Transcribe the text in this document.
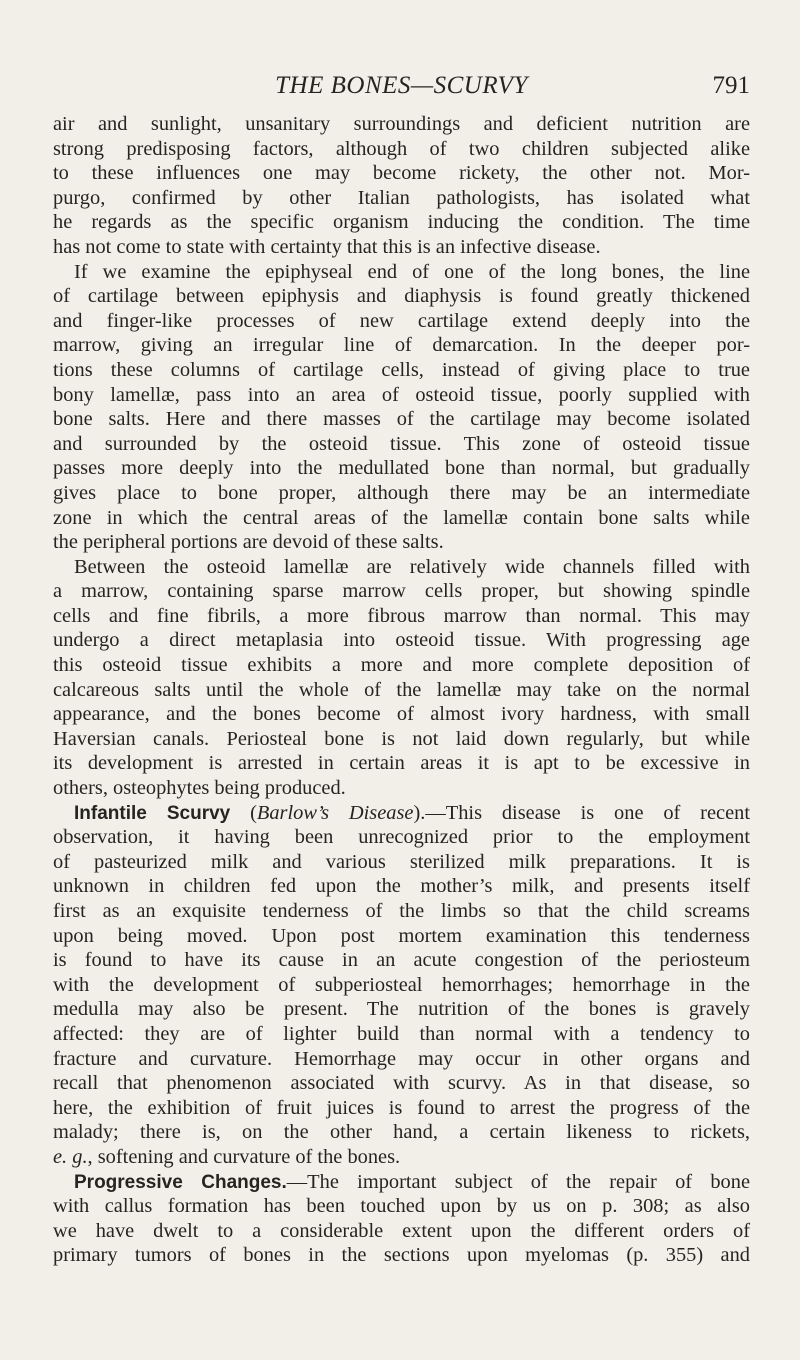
THE BONES—SCURVY	791
air and sunlight, unsanitary surroundings and deficient nutrition are
strong predisposing factors, although of two children subjected alike
to these influences one may become rickety, the other not. Mor-
purgo, confirmed by other Italian pathologists, has isolated what
he regards as the specific organism inducing the condition. The time
has not come to state with certainty that this is an infective disease.
If we examine the epiphyseal end of one of the long bones, the line
of cartilage between epiphysis and diaphysis is found greatly thickened
and finger-like processes of new cartilage extend deeply into the
marrow, giving an irregular line of demarcation. In the deeper por-
tions these columns of cartilage cells, instead of giving place to true
bony lamellæ, pass into an area of osteoid tissue, poorly supplied with
bone salts. Here and there masses of the cartilage may become isolated
and surrounded by the osteoid tissue. This zone of osteoid tissue
passes more deeply into the medullated bone than normal, but gradually
gives place to bone proper, although there may be an intermediate
zone in which the central areas of the lamellæ contain bone salts while
the peripheral portions are devoid of these salts.
Between the osteoid lamellæ are relatively wide channels filled with
a marrow, containing sparse marrow cells proper, but showing spindle
cells and fine fibrils, a more fibrous marrow than normal. This may
undergo a direct metaplasia into osteoid tissue. With progressing age
this osteoid tissue exhibits a more and more complete deposition of
calcareous salts until the whole of the lamellæ may take on the normal
appearance, and the bones become of almost ivory hardness, with small
Haversian canals. Periosteal bone is not laid down regularly, but while
its development is arrested in certain areas it is apt to be excessive in
others, osteophytes being produced.
Infantile Scurvy (Barlow’s Disease).—This disease is one of recent
observation, it having been unrecognized prior to the employment
of pasteurized milk and various sterilized milk preparations. It is
unknown in children fed upon the mother’s milk, and presents itself
first as an exquisite tenderness of the limbs so that the child screams
upon being moved. Upon post mortem examination this tenderness
is found to have its cause in an acute congestion of the periosteum
with the development of subperiosteal hemorrhages; hemorrhage in the
medulla may also be present. The nutrition of the bones is gravely
affected: they are of lighter build than normal with a tendency to
fracture and curvature. Hemorrhage may occur in other organs and
recall that phenomenon associated with scurvy. As in that disease, so
here, the exhibition of fruit juices is found to arrest the progress of the
malady; there is, on the other hand, a certain likeness to rickets,
e. g., softening and curvature of the bones.
Progressive Changes.—The important subject of the repair of bone
with callus formation has been touched upon by us on p. 308; as also
we have dwelt to a considerable extent upon the different orders of
primary tumors of bones in the sections upon myelomas (p. 355) and
